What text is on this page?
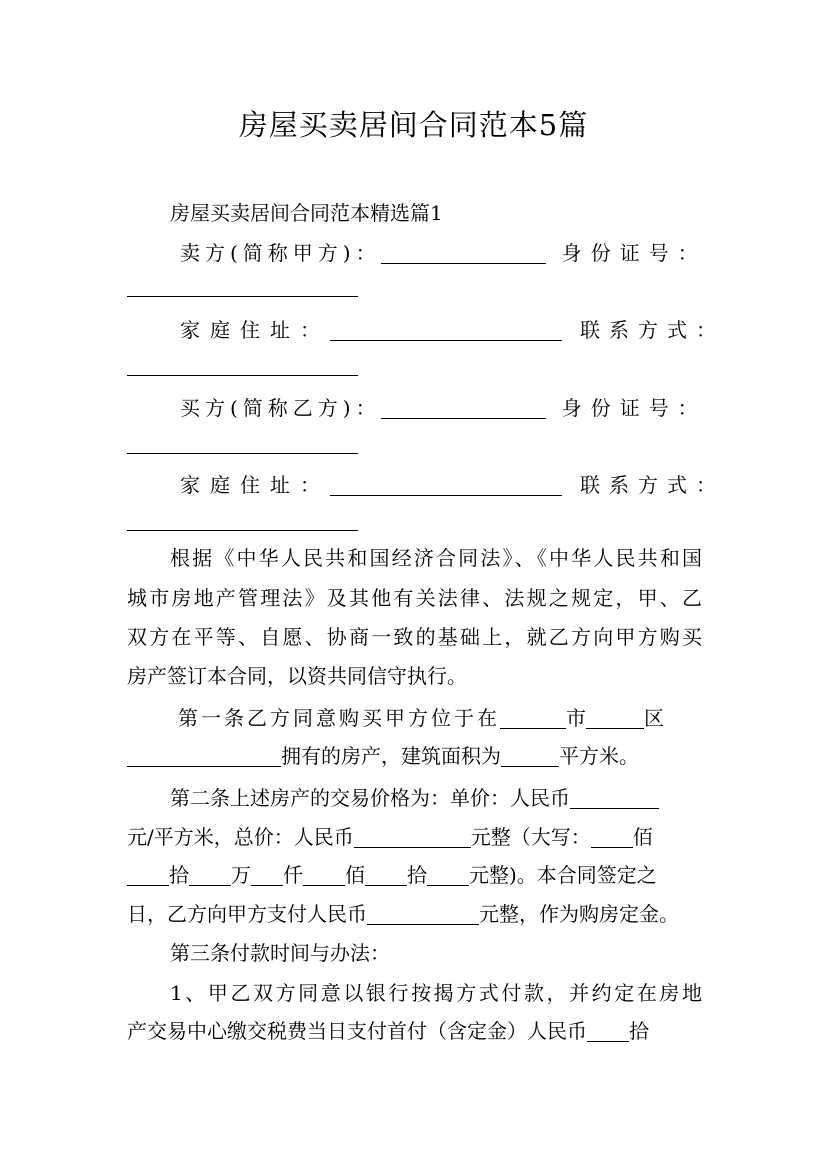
房屋买卖居间合同范本5篇
房屋买卖居间合同范本精选篇1
卖方(简称甲方)：	身份证号：
家庭住址：	联系方式：
买方(简称乙方)：	身份证号：
家庭住址：	联系方式：
根据《中华人民共和国经济合同法》、《中华人民共和国
城市房地产管理法》及其他有关法律、法规之规定，甲、乙
双方在平等、自愿、协商一致的基础上，就乙方向甲方购买
房产签订本合同，以资共同信守执行。
第一条乙方同意购买甲方位于在	市	区
拥有的房产，建筑面积为	平方米。
第二条上述房产的交易价格为：单价：人民币
元/平方米，总价：人民币	元整（大写： 佰
拾 万 仟 佰 拾 元整)。本合同签定之
日，乙方向甲方支付人民币	元整，作为购房定金。
第三条付款时间与办法：
1、甲乙双方同意以银行按揭方式付款，并约定在房地
产交易中心缴交税费当日支付首付（含定金）人民币 拾
